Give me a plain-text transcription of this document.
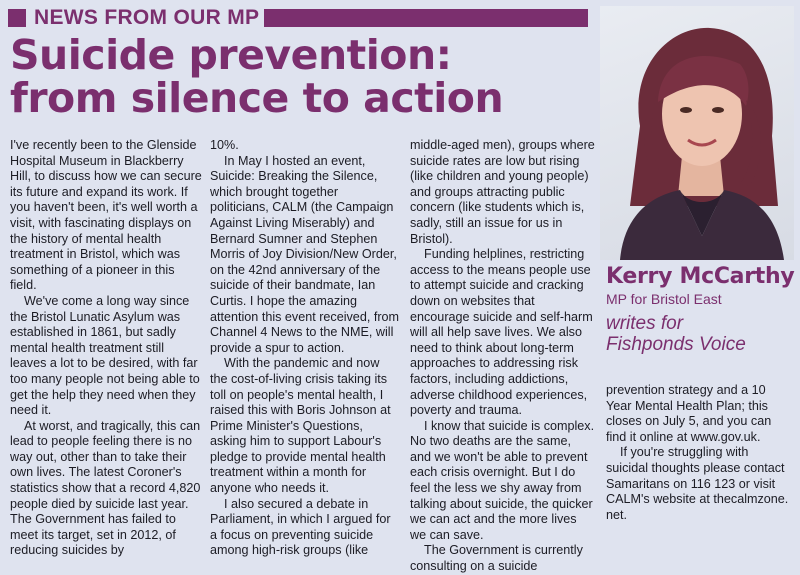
NEWS FROM OUR MP
Suicide prevention:
from silence to action

I've recently been to the Glenside Hospital Museum in Blackberry Hill, to discuss how we can secure its future and expand its work. If you haven't been, it's well worth a visit, with fascinating displays on the history of mental health treatment in Bristol, which was something of a pioneer in this field.

We've come a long way since the Bristol Lunatic Asylum was established in 1861, but sadly mental health treatment still leaves a lot to be desired, with far too many people not being able to get the help they need when they need it.

At worst, and tragically, this can lead to people feeling there is no way out, other than to take their own lives. The latest Coroner's statistics show that a record 4,820 people died by suicide last year. The Government has failed to meet its target, set in 2012, of reducing suicides by

10%.

In May I hosted an event, Suicide: Breaking the Silence, which brought together politicians, CALM (the Campaign Against Living Miserably) and Bernard Sumner and Stephen Morris of Joy Division/New Order, on the 42nd anniversary of the suicide of their bandmate, Ian Curtis. I hope the amazing attention this event received, from Channel 4 News to the NME, will provide a spur to action.

With the pandemic and now the cost-of-living crisis taking its toll on people's mental health, I raised this with Boris Johnson at Prime Minister's Questions, asking him to support Labour's pledge to provide mental health treatment within a month for anyone who needs it.

I also secured a debate in Parliament, in which I argued for a focus on preventing suicide among high-risk groups (like

middle-aged men), groups where suicide rates are low but rising (like children and young people) and groups attracting public concern (like students which is, sadly, still an issue for us in Bristol).

Funding helplines, restricting access to the means people use to attempt suicide and cracking down on websites that encourage suicide and self-harm will all help save lives. We also need to think about long-term approaches to addressing risk factors, including addictions, adverse childhood experiences, poverty and trauma.

I know that suicide is complex. No two deaths are the same, and we won't be able to prevent each crisis overnight. But I do feel the less we shy away from talking about suicide, the quicker we can act and the more lives we can save.

The Government is currently consulting on a suicide

Kerry McCarthy
MP for Bristol East
writes for
Fishponds Voice

prevention strategy and a 10 Year Mental Health Plan; this closes on July 5, and you can find it online at www.gov.uk.

If you're struggling with suicidal thoughts please contact Samaritans on 116 123 or visit CALM's website at thecalmzone. net.
